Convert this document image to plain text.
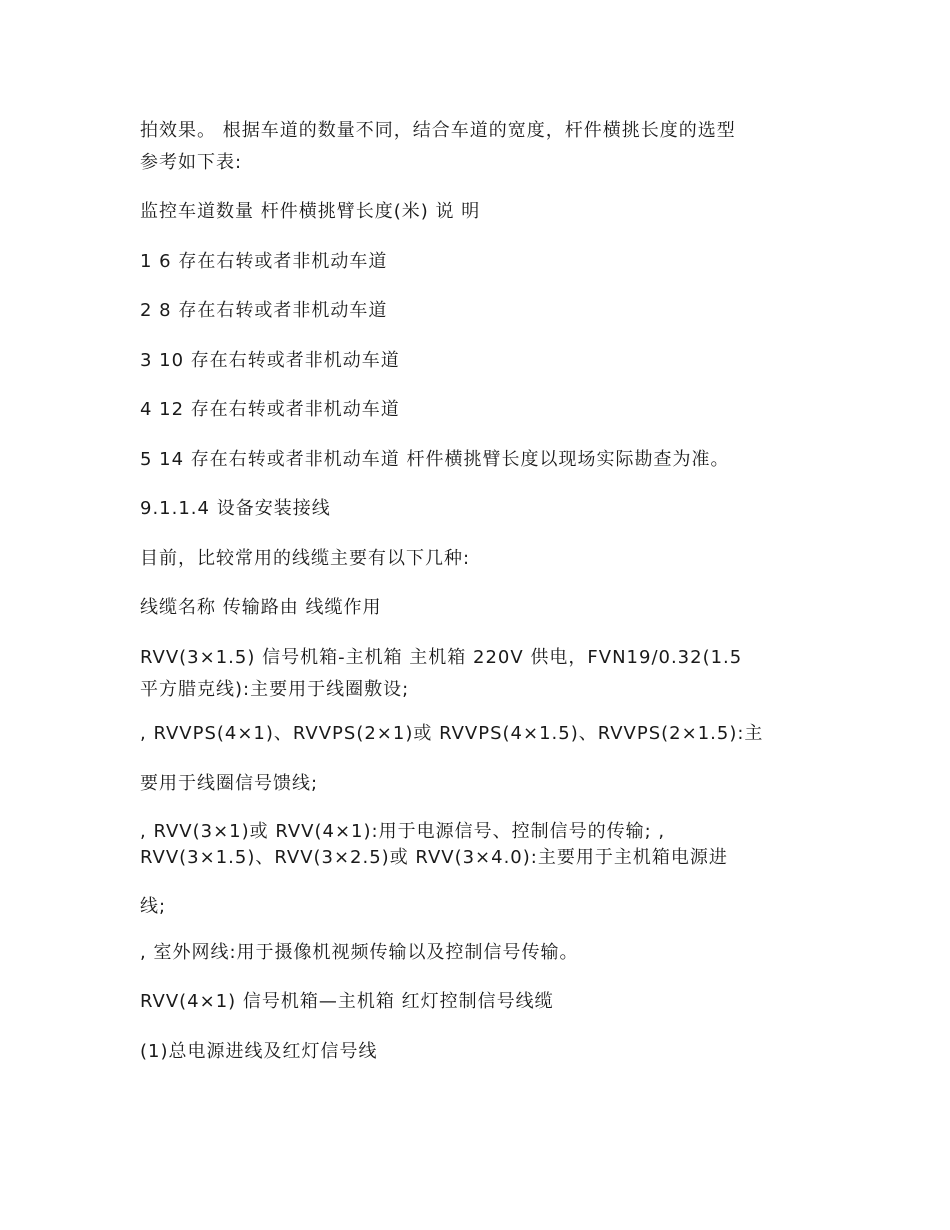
拍效果。 根据车道的数量不同，结合车道的宽度，杆件横挑长度的选型
参考如下表:
监控车道数量 杆件横挑臂长度(米) 说 明
1 6 存在右转或者非机动车道
2 8 存在右转或者非机动车道
3 10 存在右转或者非机动车道
4 12 存在右转或者非机动车道
5 14 存在右转或者非机动车道 杆件横挑臂长度以现场实际勘查为准。
9.1.1.4 设备安装接线
目前，比较常用的线缆主要有以下几种:
线缆名称 传输路由 线缆作用
RVV(3×1.5) 信号机箱-主机箱 主机箱 220V 供电，FVN19/0.32(1.5
平方腊克线):主要用于线圈敷设;
, RVVPS(4×1)、RVVPS(2×1)或 RVVPS(4×1.5)、RVVPS(2×1.5):主
要用于线圈信号馈线;
, RVV(3×1)或 RVV(4×1):用于电源信号、控制信号的传输; ,
RVV(3×1.5)、RVV(3×2.5)或 RVV(3×4.0):主要用于主机箱电源进
线;
, 室外网线:用于摄像机视频传输以及控制信号传输。
RVV(4×1) 信号机箱—主机箱 红灯控制信号线缆
(1)总电源进线及红灯信号线
